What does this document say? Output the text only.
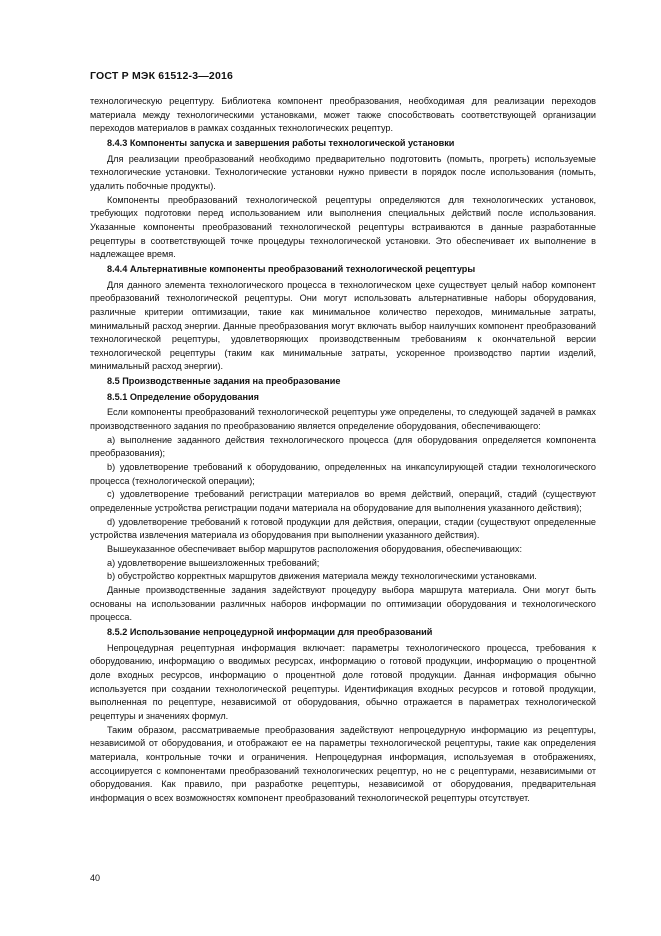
ГОСТ Р МЭК 61512-3—2016

технологическую рецептуру. Библиотека компонент преобразования, необходимая для реализации переходов материала между технологическими установками, может также способствовать соответствующей организации переходов материалов в рамках созданных технологических рецептур.

8.4.3 Компоненты запуска и завершения работы технологической установки

Для реализации преобразований необходимо предварительно подготовить (помыть, прогреть) используемые технологические установки. Технологические установки нужно привести в порядок после использования (помыть, удалить побочные продукты).

Компоненты преобразований технологической рецептуры определяются для технологических установок, требующих подготовки перед использованием или выполнения специальных действий после использования. Указанные компоненты преобразований технологической рецептуры встраиваются в данные разработанные рецептуры в соответствующей точке процедуры технологической установки. Это обеспечивает их выполнение в надлежащее время.

8.4.4 Альтернативные компоненты преобразований технологической рецептуры

Для данного элемента технологического процесса в технологическом цехе существует целый набор компонент преобразований технологической рецептуры. Они могут использовать альтернативные наборы оборудования, различные критерии оптимизации, такие как минимальное количество переходов, минимальные затраты, минимальный расход энергии. Данные преобразования могут включать выбор наилучших компонент преобразований технологической рецептуры, удовлетворяющих производственным требованиям к окончательной версии технологической рецептуры (таким как минимальные затраты, ускоренное производство партии изделий, минимальный расход энергии).

8.5 Производственные задания на преобразование

8.5.1 Определение оборудования

Если компоненты преобразований технологической рецептуры уже определены, то следующей задачей в рамках производственного задания по преобразованию является определение оборудования, обеспечивающего:

а) выполнение заданного действия технологического процесса (для оборудования определяется компонента преобразования);

b) удовлетворение требований к оборудованию, определенных на инкапсулирующей стадии технологического процесса (технологической операции);

c) удовлетворение требований регистрации материалов во время действий, операций, стадий (существуют определенные устройства регистрации подачи материала на оборудование для выполнения указанного действия);

d) удовлетворение требований к готовой продукции для действия, операции, стадии (существуют определенные устройства извлечения материала из оборудования при выполнении указанного действия).

Вышеуказанное обеспечивает выбор маршрутов расположения оборудования, обеспечивающих:

а) удовлетворение вышеизложенных требований;

b) обустройство корректных маршрутов движения материала между технологическими установками.

Данные производственные задания задействуют процедуру выбора маршрута материала. Они могут быть основаны на использовании различных наборов информации по оптимизации оборудования и технологического процесса.

8.5.2 Использование непроцедурной информации для преобразований

Непроцедурная рецептурная информация включает: параметры технологического процесса, требования к оборудованию, информацию о вводимых ресурсах, информацию о готовой продукции, информацию о процентной доле входных ресурсов, информацию о процентной доле готовой продукции. Данная информация обычно используется при создании технологической рецептуры. Идентификация входных ресурсов и готовой продукции, выполненная по рецептуре, независимой от оборудования, обычно отражается в параметрах технологической рецептуры и значениях формул.

Таким образом, рассматриваемые преобразования задействуют непроцедурную информацию из рецептуры, независимой от оборудования, и отображают ее на параметры технологической рецептуры, такие как определения материала, контрольные точки и ограничения. Непроцедурная информация, используемая в отображениях, ассоциируется с компонентами преобразований технологических рецептур, но не с рецептурами, независимыми от оборудования. Как правило, при разработке рецептуры, независимой от оборудования, предварительная информация о всех возможностях компонент преобразований технологической рецептуры отсутствует.

40
